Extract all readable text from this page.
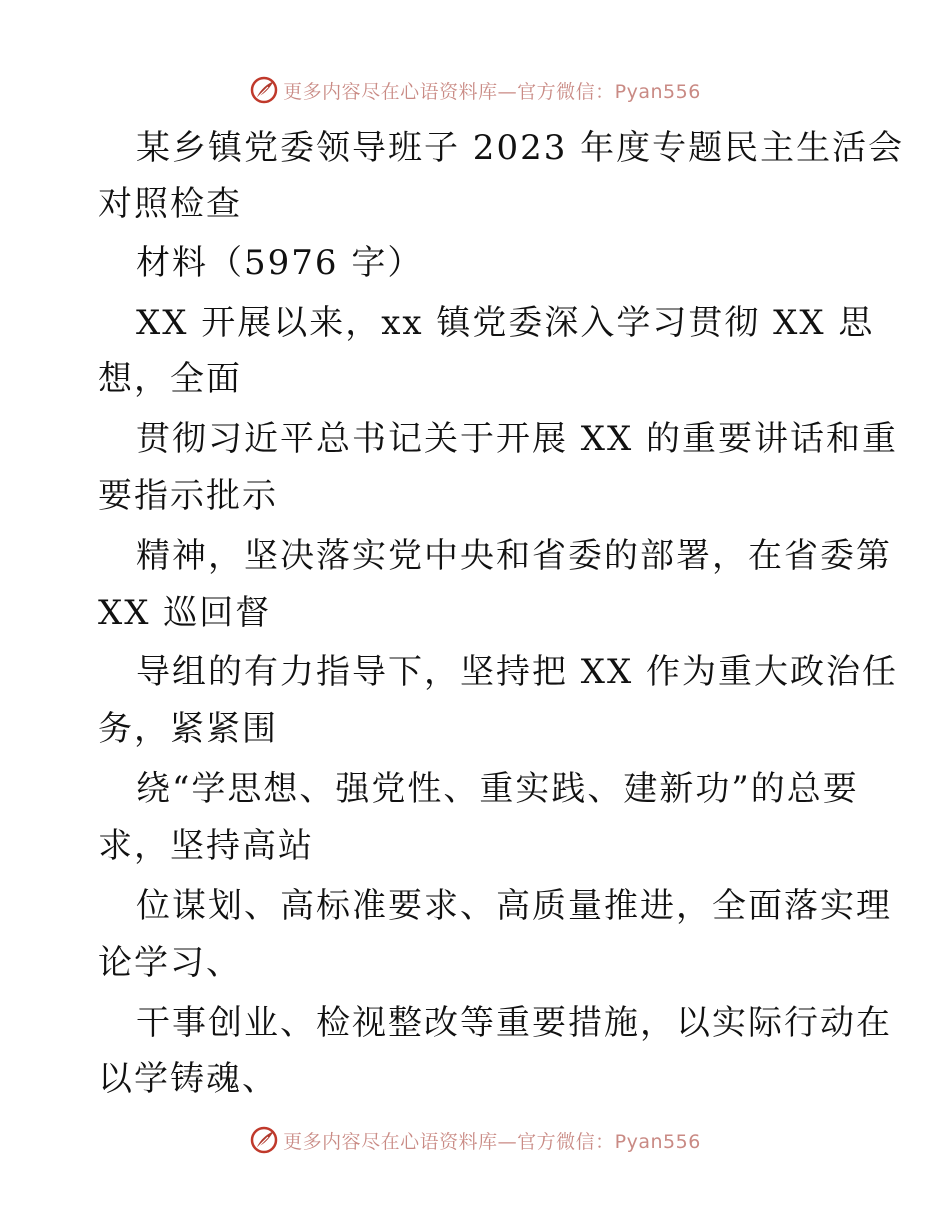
更多内容尽在心语资料库—官方微信：Pyan556
某乡镇党委领导班子 2023 年度专题民主生活会
对照检查
材料（5976 字）
XX 开展以来，xx 镇党委深入学习贯彻 XX 思
想，全面
贯彻习近平总书记关于开展 XX 的重要讲话和重
要指示批示
精神，坚决落实党中央和省委的部署，在省委第
XX 巡回督
导组的有力指导下，坚持把 XX 作为重大政治任
务，紧紧围
绕“学思想、强党性、重实践、建新功”的总要
求，坚持高站
位谋划、高标准要求、高质量推进，全面落实理
论学习、
干事创业、检视整改等重要措施，以实际行动在
以学铸魂、
更多内容尽在心语资料库—官方微信：Pyan556
